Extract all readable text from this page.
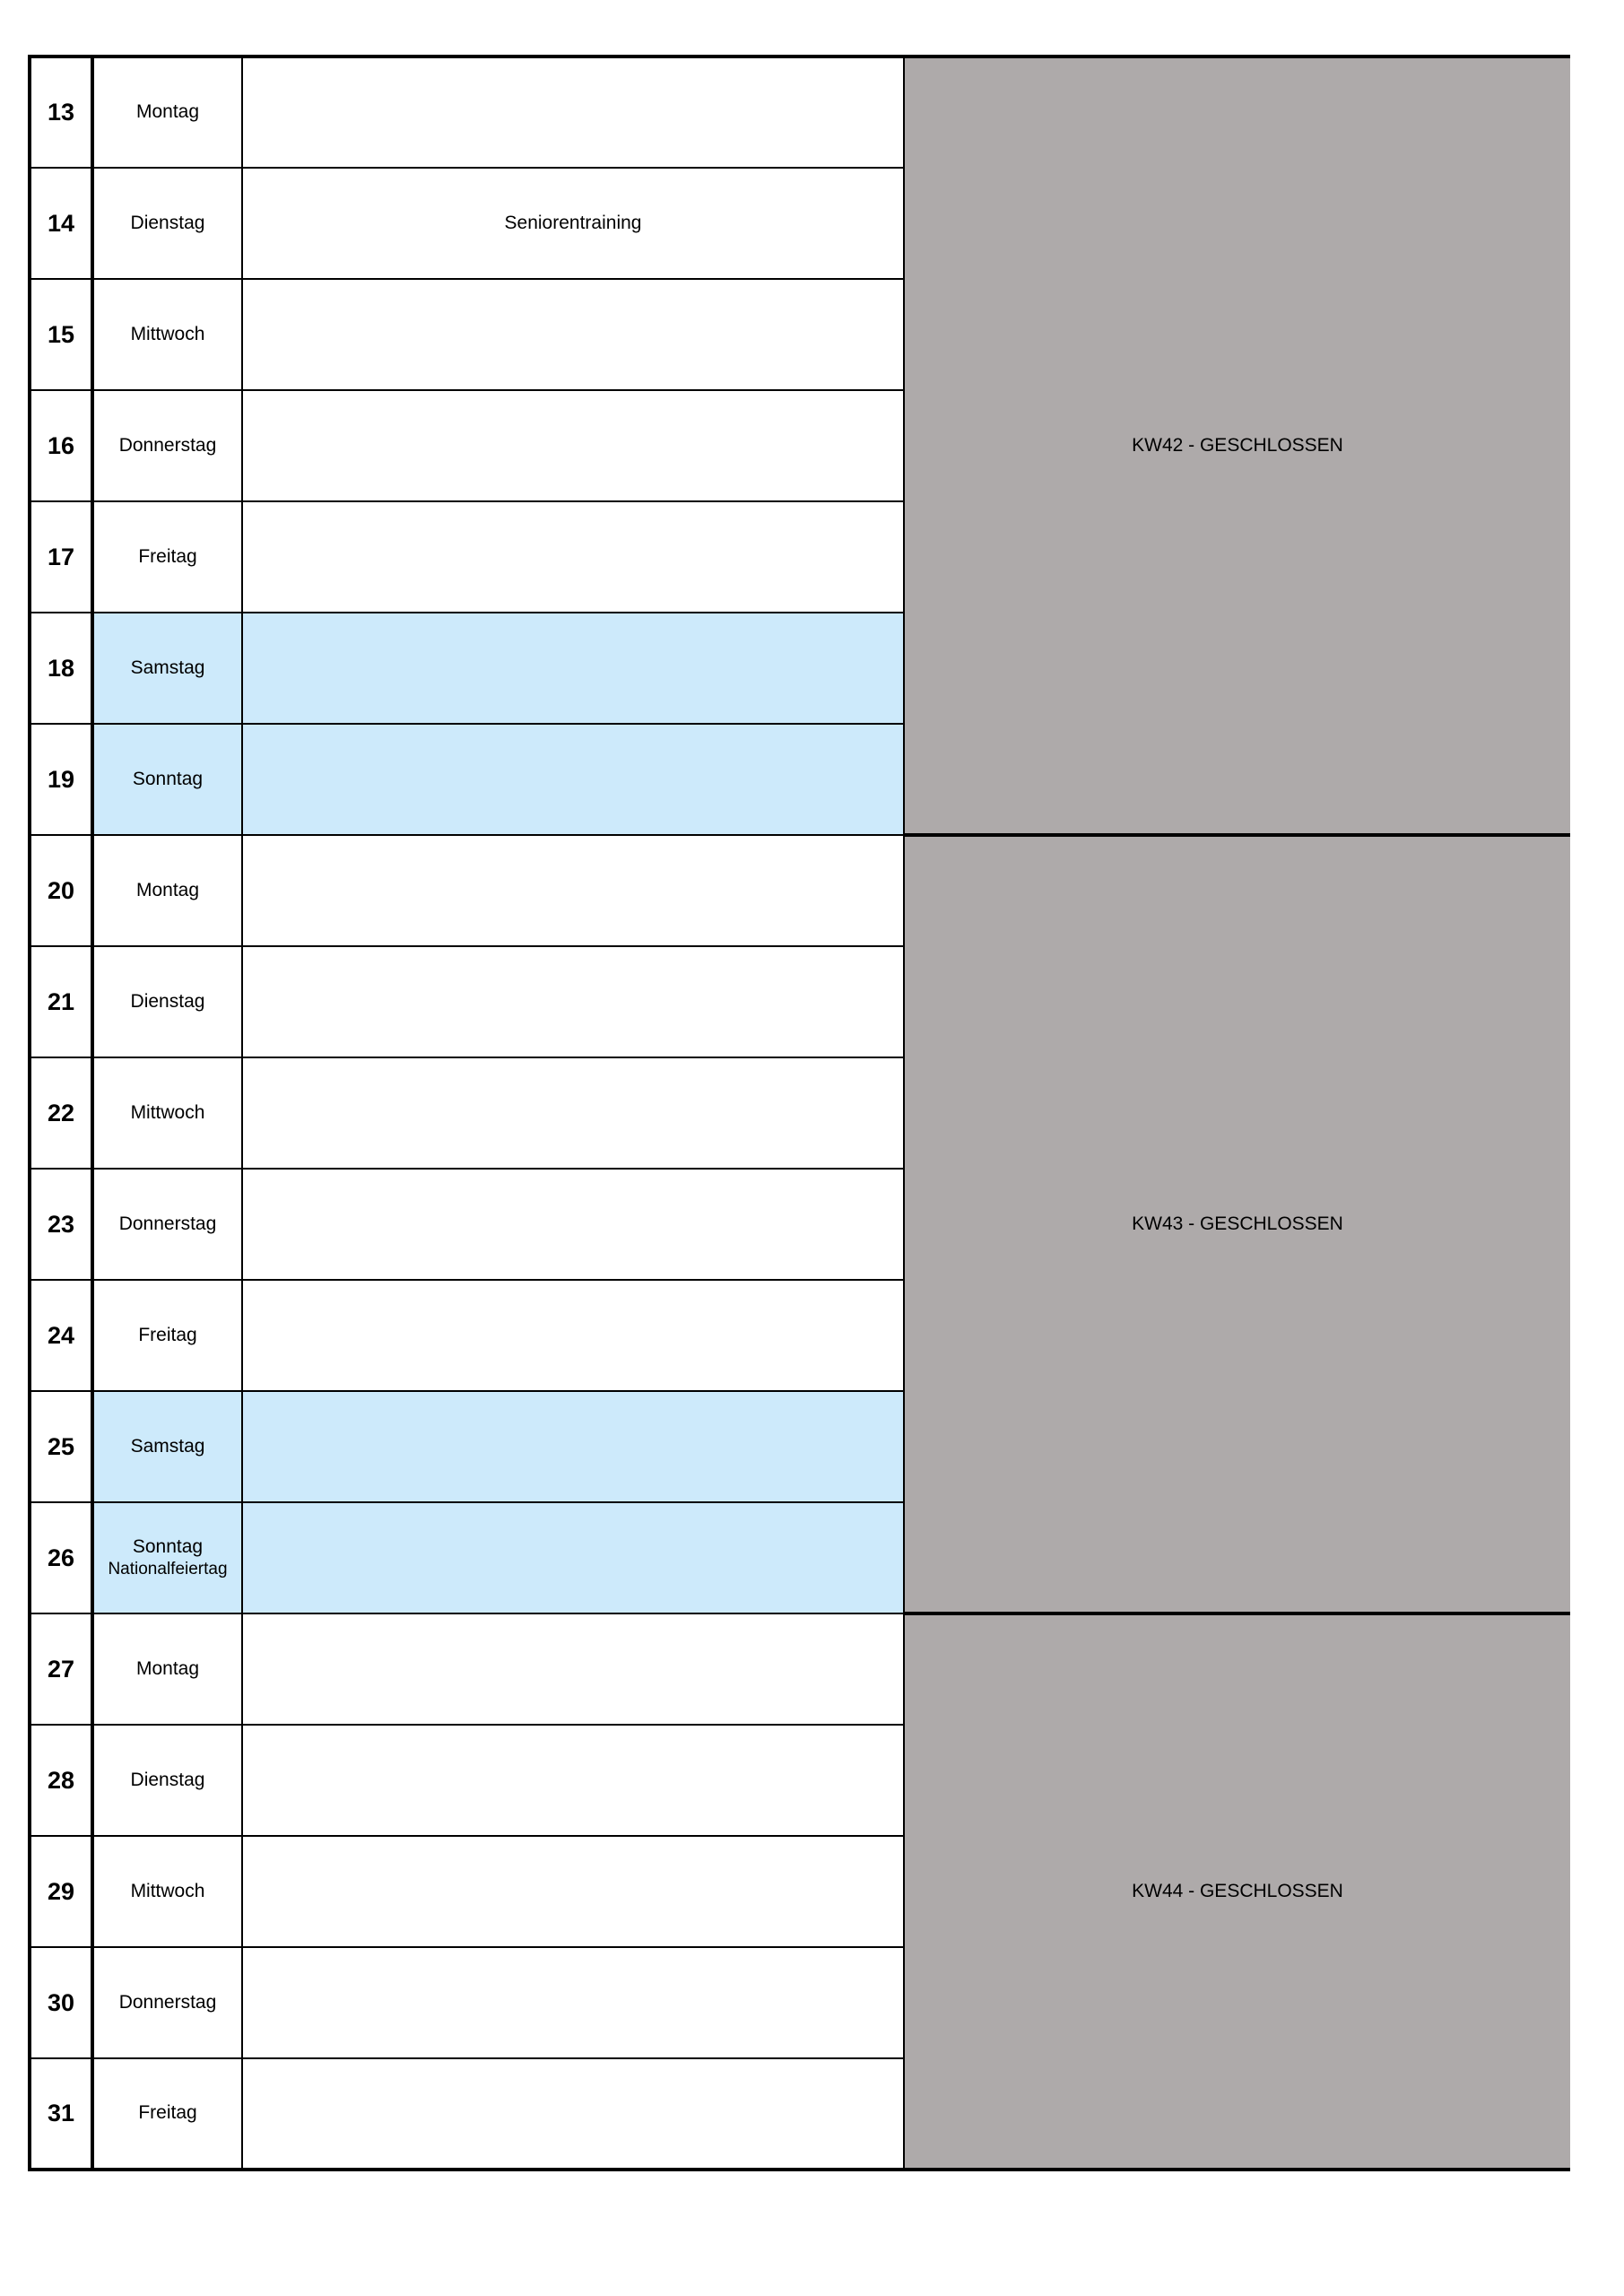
13	Montag		KW42 - GESCHLOSSEN
14	Dienstag	Seniorentraining	
15	Mittwoch		
16	Donnerstag		
17	Freitag		
18	Samstag		
19	Sonntag		
20	Montag		KW43 - GESCHLOSSEN
21	Dienstag		
22	Mittwoch		
23	Donnerstag		
24	Freitag		
25	Samstag		
26	Sonntag
Nationalfeiertag		

27	Montag		KW44 - GESCHLOSSEN
28	Dienstag		
29	Mittwoch		
30	Donnerstag		
31	Freitag		
